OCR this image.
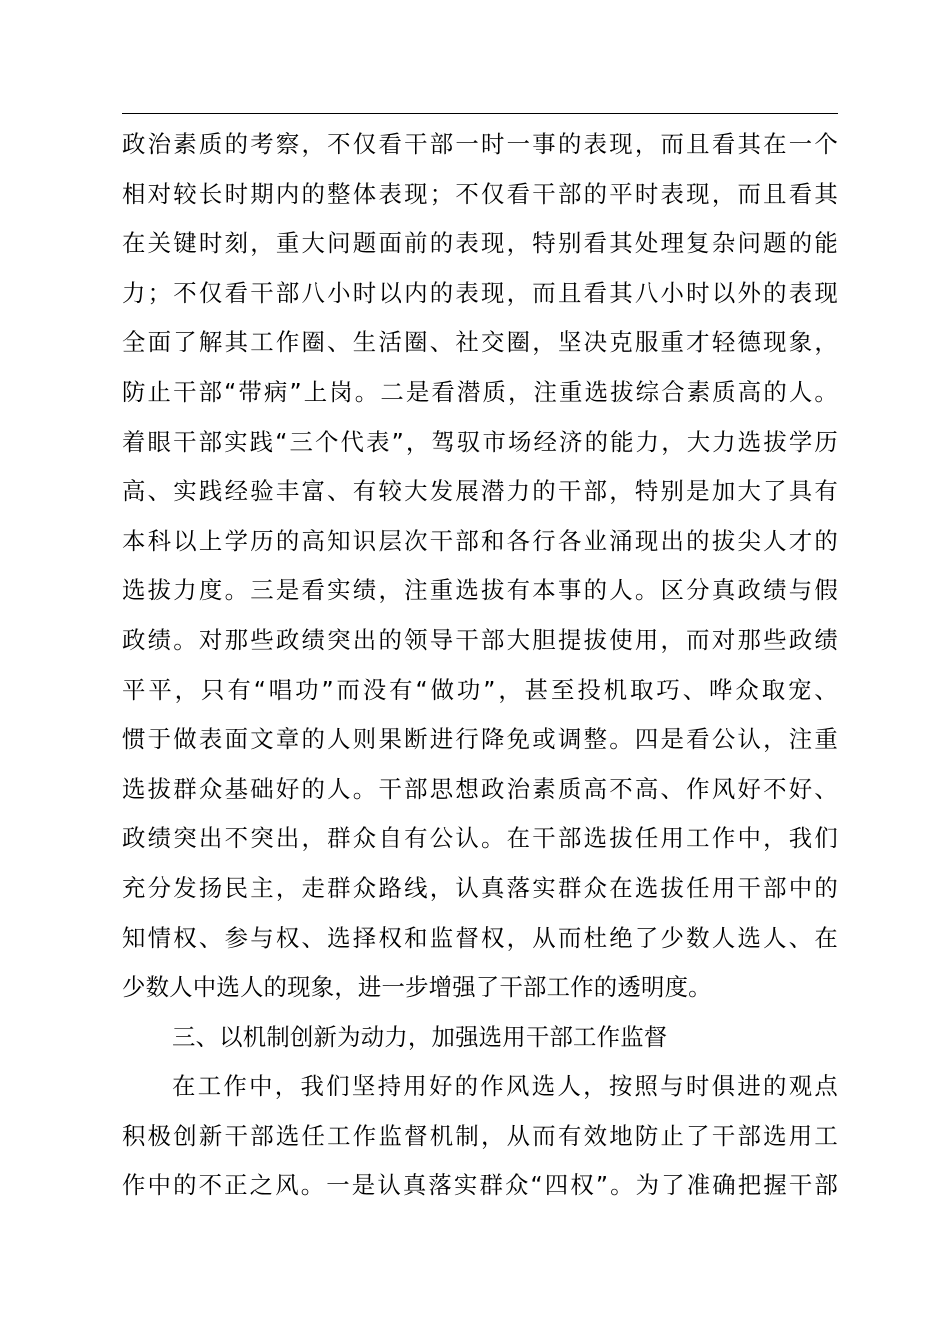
政治素质的考察，不仅看干部一时一事的表现，而且看其在一个
相对较长时期内的整体表现；不仅看干部的平时表现，而且看其
在关键时刻，重大问题面前的表现，特别看其处理复杂问题的能
力；不仅看干部八小时以内的表现，而且看其八小时以外的表现
全面了解其工作圈、生活圈、社交圈，坚决克服重才轻德现象，
防止干部“带病”上岗。二是看潜质，注重选拔综合素质高的人。
着眼干部实践“三个代表”，驾驭市场经济的能力，大力选拔学历
高、实践经验丰富、有较大发展潜力的干部，特别是加大了具有
本科以上学历的高知识层次干部和各行各业涌现出的拔尖人才的
选拔力度。三是看实绩，注重选拔有本事的人。区分真政绩与假
政绩。对那些政绩突出的领导干部大胆提拔使用，而对那些政绩
平平，只有“唱功”而没有“做功”，甚至投机取巧、哗众取宠、
惯于做表面文章的人则果断进行降免或调整。四是看公认，注重
选拔群众基础好的人。干部思想政治素质高不高、作风好不好、
政绩突出不突出，群众自有公认。在干部选拔任用工作中，我们
充分发扬民主，走群众路线，认真落实群众在选拔任用干部中的
知情权、参与权、选择权和监督权，从而杜绝了少数人选人、在
少数人中选人的现象，进一步增强了干部工作的透明度。
三、以机制创新为动力，加强选用干部工作监督
在工作中，我们坚持用好的作风选人，按照与时俱进的观点
积极创新干部选任工作监督机制，从而有效地防止了干部选用工
作中的不正之风。一是认真落实群众“四权”。为了准确把握干部
